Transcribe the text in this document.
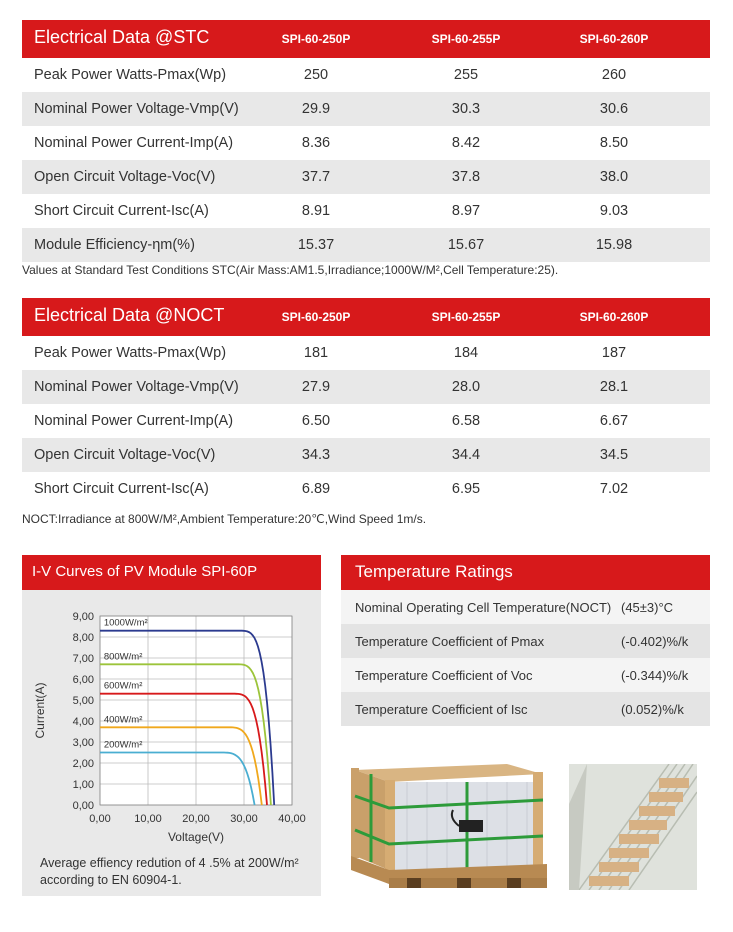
Electrical Data @STC	SPI-60-250P	SPI-60-255P	SPI-60-260P
Peak Power Watts-Pmax(Wp)	250	255	260
Nominal Power Voltage-Vmp(V)	29.9	30.3	30.6
Nominal Power Current-Imp(A)	8.36	8.42	8.50
Open Circuit Voltage-Voc(V)	37.7	37.8	38.0
Short Circuit Current-Isc(A)	8.91	8.97	9.03
Module Efficiency-ηm(%)	15.37	15.67	15.98
Values at Standard Test Conditions STC(Air Mass:AM1.5,Irradiance;1000W/M²,Cell Temperature:25).
Electrical Data @NOCT	SPI-60-250P	SPI-60-255P	SPI-60-260P
Peak Power Watts-Pmax(Wp)	181	184	187
Nominal Power Voltage-Vmp(V)	27.9	28.0	28.1
Nominal Power Current-Imp(A)	6.50	6.58	6.67
Open Circuit Voltage-Voc(V)	34.3	34.4	34.5
Short Circuit Current-Isc(A)	6.89	6.95	7.02
NOCT:Irradiance at 800W/M²,Ambient Temperature:20℃,Wind Speed 1m/s.
I-V Curves of PV Module SPI-60P
0,00
1,00
2,00
3,00
4,00
5,00
6,00
7,00
8,00
9,00
0,00 10,00 20,00 30,00 40,00
Voltage(V)
Current(A)
1000W/m²
800W/m²
600W/m²
400W/m²
200W/m²
Average effiency redution of 4 .5% at 200W/m² according to EN 60904-1.
Temperature Ratings
Nominal Operating Cell Temperature(NOCT) (45±3)°C
Temperature Coefficient of Pmax	(-0.402)%/k
Temperature Coefficient of Voc	(-0.344)%/k
Temperature Coefficient of Isc	(0.052)%/k
